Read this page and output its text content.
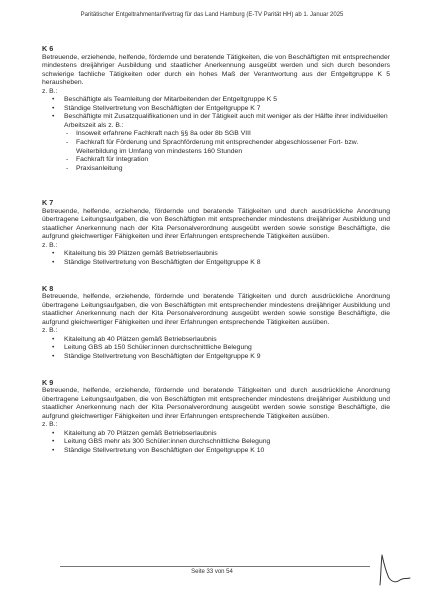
Paritätischer Entgeltrahmentarifvertrag für das Land Hamburg (E-TV Parität HH) ab 1. Januar 2025

K 6

Betreuende, erziehende, helfende, fördernde und beratende Tätigkeiten, die von Beschäftigten mit entsprechender mindestens dreijähriger Ausbildung und staatlicher Anerkennung ausgeübt werden und sich durch besonders schwierige fachliche Tätigkeiten oder durch ein hohes Maß der Verantwortung aus der Entgeltgruppe K 5 herausheben.

z. B.:

• Beschäftigte als Teamleitung der Mitarbeitenden der Entgeltgruppe K 5
• Ständige Stellvertretung von Beschäftigten der Entgeltgruppe K 7
• Beschäftigte mit Zusatzqualifikationen und in der Tätigkeit auch mit weniger als der Hälfte ihrer individuellen Arbeitszeit als z. B.:
- Insoweit erfahrene Fachkraft nach §§ 8a oder 8b SGB VIII
- Fachkraft für Förderung und Sprachförderung mit entsprechender abgeschlossener Fort- bzw. Weiterbildung im Umfang von mindestens 160 Stunden
- Fachkraft für Integration
- Praxisanleitung

K 7

Betreuende, helfende, erziehende, fördernde und beratende Tätigkeiten und durch ausdrückliche Anordnung übertragene Leitungsaufgaben, die von Beschäftigten mit entsprechender mindestens dreijähriger Ausbildung und staatlicher Anerkennung nach der Kita Personalverordnung ausgeübt werden sowie sonstige Beschäftigte, die aufgrund gleichwertiger Fähigkeiten und ihrer Erfahrungen entsprechende Tätigkeiten ausüben.

z. B.:

• Kitaleitung bis 39 Plätzen gemäß Betriebserlaubnis
• Ständige Stellvertretung von Beschäftigten der Entgeltgruppe K 8

K 8

Betreuende, helfende, erziehende, fördernde und beratende Tätigkeiten und durch ausdrückliche Anordnung übertragene Leitungsaufgaben, die von Beschäftigten mit entsprechender mindestens dreijähriger Ausbildung und staatlicher Anerkennung nach der Kita Personalverordnung ausgeübt werden sowie sonstige Beschäftigte, die aufgrund gleichwertiger Fähigkeiten und ihrer Erfahrungen entsprechende Tätigkeiten ausüben.

z. B.:

• Kitaleitung ab 40 Plätzen gemäß Betriebserlaubnis
• Leitung GBS ab 150 Schüler:innen durchschnittliche Belegung
• Ständige Stellvertretung von Beschäftigten der Entgeltgruppe K 9

K 9

Betreuende, helfende, erziehende, fördernde und beratende Tätigkeiten und durch ausdrückliche Anordnung übertragene Leitungsaufgaben, die von Beschäftigten mit entsprechender mindestens dreijähriger Ausbildung und staatlicher Anerkennung nach der Kita Personalverordnung ausgeübt werden sowie sonstige Beschäftigte, die aufgrund gleichwertiger Fähigkeiten und ihrer Erfahrungen entsprechende Tätigkeiten ausüben.

z. B.:

• Kitaleitung ab 70 Plätzen gemäß Betriebserlaubnis
• Leitung GBS mehr als 300 Schüler:innen durchschnittliche Belegung
• Ständige Stellvertretung von Beschäftigten der Entgeltgruppe K 10
Seite 33 von 54
